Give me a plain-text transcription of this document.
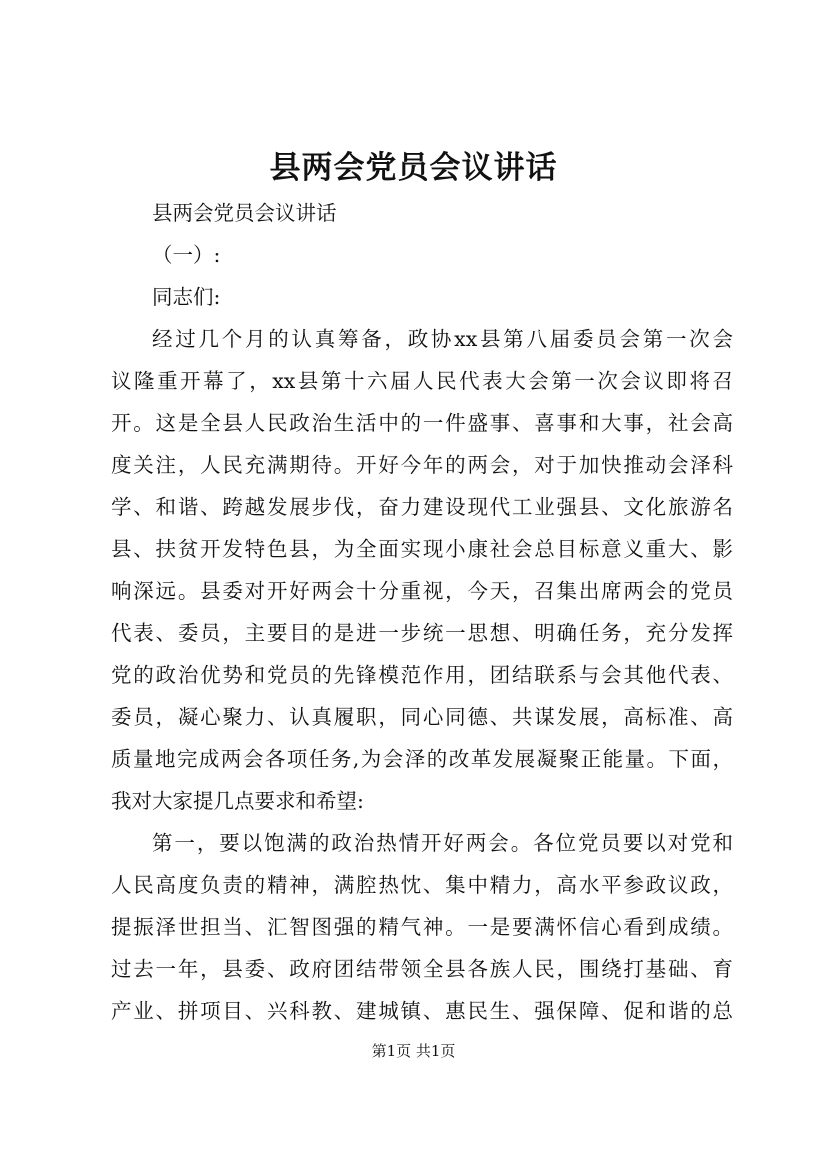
县两会党员会议讲话
县两会党员会议讲话
（一）:
同志们:
经过几个月的认真筹备，政协xx县第八届委员会第一次会
议隆重开幕了，xx县第十六届人民代表大会第一次会议即将召
开。这是全县人民政治生活中的一件盛事、喜事和大事，社会高
度关注，人民充满期待。开好今年的两会，对于加快推动会泽科
学、和谐、跨越发展步伐，奋力建设现代工业强县、文化旅游名
县、扶贫开发特色县，为全面实现小康社会总目标意义重大、影
响深远。县委对开好两会十分重视，今天，召集出席两会的党员
代表、委员，主要目的是进一步统一思想、明确任务，充分发挥
党的政治优势和党员的先锋模范作用，团结联系与会其他代表、
委员，凝心聚力、认真履职，同心同德、共谋发展，高标准、高
质量地完成两会各项任务,为会泽的改革发展凝聚正能量。下面，
我对大家提几点要求和希望:
第一，要以饱满的政治热情开好两会。各位党员要以对党和
人民高度负责的精神，满腔热忱、集中精力，高水平参政议政，
提振泽世担当、汇智图强的精气神。一是要满怀信心看到成绩。
过去一年，县委、政府团结带领全县各族人民，围绕打基础、育
产业、拼项目、兴科教、建城镇、惠民生、强保障、促和谐的总
第1页 共1页
